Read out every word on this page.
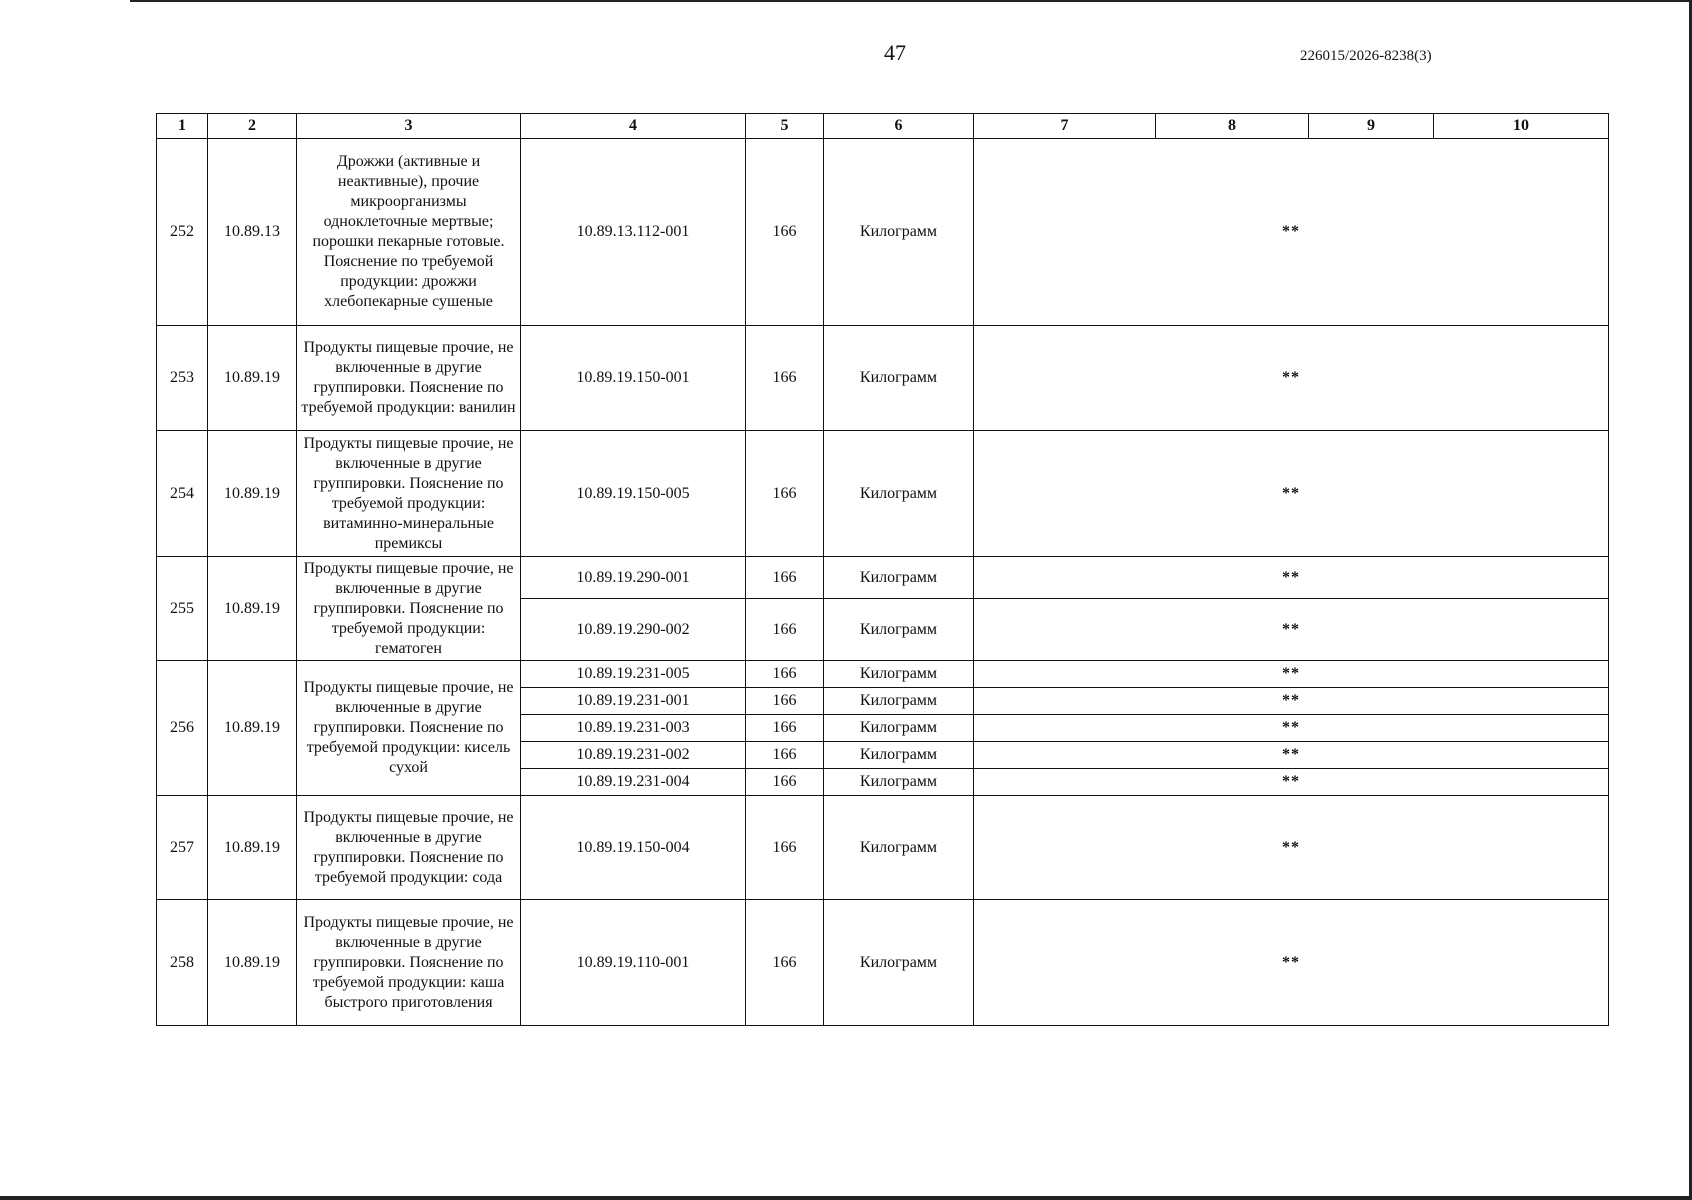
47	226015/2026-8238(3)
1	2	3	4	5	6	7	8	9	10
252	10.89.13	Дрожжи (активные и неактивные), прочие микроорганизмы одноклеточные мертвые; порошки пекарные готовые. Пояснение по требуемой продукции: дрожжи хлебопекарные сушеные	10.89.13.112-001	166	Килограмм	**			
253	10.89.19	Продукты пищевые прочие, не включенные в другие группировки. Пояснение по требуемой продукции: ванилин	10.89.19.150-001	166	Килограмм	**			
254	10.89.19	Продукты пищевые прочие, не включенные в другие группировки. Пояснение по требуемой продукции: витаминно-минеральные премиксы	10.89.19.150-005	166	Килограмм	**			
255	10.89.19	Продукты пищевые прочие, не включенные в другие группировки. Пояснение по требуемой продукции: гематоген	10.89.19.290-001	166	Килограмм	**			
			10.89.19.290-002	166	Килограмм	**			
256	10.89.19	Продукты пищевые прочие, не включенные в другие группировки. Пояснение по требуемой продукции: кисель сухой	10.89.19.231-005	166	Килограмм	**			
			10.89.19.231-001	166	Килограмм	**			
			10.89.19.231-003	166	Килограмм	**			
			10.89.19.231-002	166	Килограмм	**			
			10.89.19.231-004	166	Килограмм	**			
257	10.89.19	Продукты пищевые прочие, не включенные в другие группировки. Пояснение по требуемой продукции: сода	10.89.19.150-004	166	Килограмм	**			
258	10.89.19	Продукты пищевые прочие, не включенные в другие группировки. Пояснение по требуемой продукции: каша быстрого приготовления	10.89.19.110-001	166	Килограмм	**			
